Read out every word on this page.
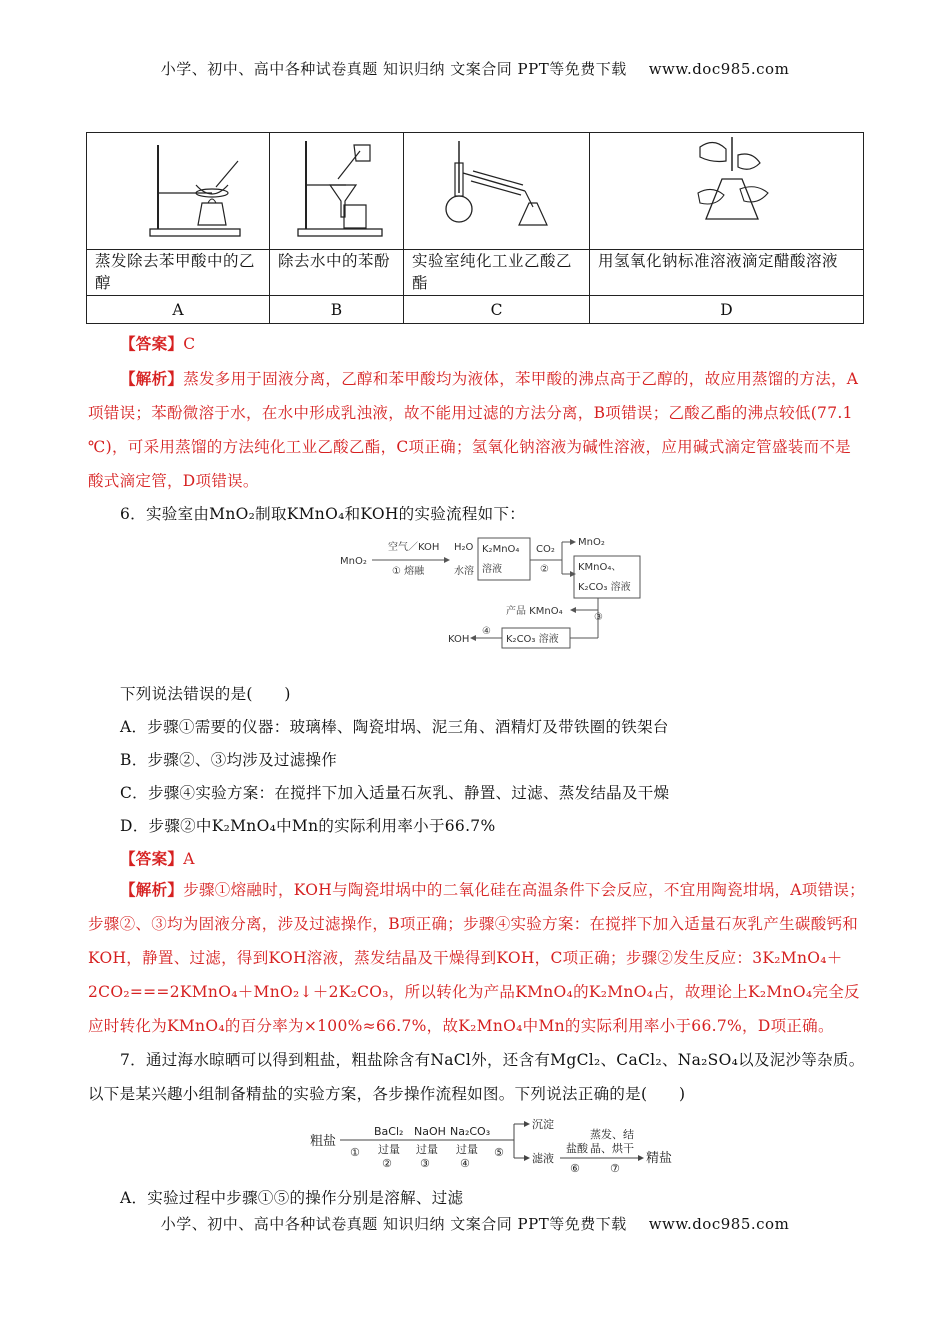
小学、初中、高中各种试卷真题 知识归纳 文案合同 PPT等免费下载 www.doc985.com

蒸发除去苯甲酸中的乙醇	除去水中的苯酚	实验室纯化工业乙酸乙酯	用氢氧化钠标准溶液滴定醋酸溶液
A	B	C	D
【答案】C
【解析】蒸发多用于固液分离，乙醇和苯甲酸均为液体，苯甲酸的沸点高于乙醇的，故应用蒸馏的方法，A项错误；苯酚微溶于水，在水中形成乳浊液，故不能用过滤的方法分离，B项错误；乙酸乙酯的沸点较低(77.1 ℃)，可采用蒸馏的方法纯化工业乙酸乙酯，C项正确；氢氧化钠溶液为碱性溶液，应用碱式滴定管盛装而不是酸式滴定管，D项错误。
6．实验室由MnO₂制取KMnO₄和KOH的实验流程如下：
MnO₂
空气／KOH
① 熔融
H₂O
水溶
K₂MnO₄
溶液
CO₂
②
MnO₂
KMnO₄、
K₂CO₃ 溶液
③
产品 KMnO₄
K₂CO₃ 溶液
④
KOH
下列说法错误的是(　　)
A．步骤①需要的仪器：玻璃棒、陶瓷坩埚、泥三角、酒精灯及带铁圈的铁架台
B．步骤②、③均涉及过滤操作
C．步骤④实验方案：在搅拌下加入适量石灰乳、静置、过滤、蒸发结晶及干燥
D．步骤②中K₂MnO₄中Mn的实际利用率小于66.7%
【答案】A
【解析】步骤①熔融时，KOH与陶瓷坩埚中的二氧化硅在高温条件下会反应，不宜用陶瓷坩埚，A项错误；步骤②、③均为固液分离，涉及过滤操作，B项正确；步骤④实验方案：在搅拌下加入适量石灰乳产生碳酸钙和KOH，静置、过滤，得到KOH溶液，蒸发结晶及干燥得到KOH，C项正确；步骤②发生反应：3K₂MnO₄＋2CO₂===2KMnO₄＋MnO₂↓＋2K₂CO₃，所以转化为产品KMnO₄的K₂MnO₄占，故理论上K₂MnO₄完全反应时转化为KMnO₄的百分率为×100%≈66.7%，故K₂MnO₄中Mn的实际利用率小于66.7%，D项正确。
7．通过海水晾晒可以得到粗盐，粗盐除含有NaCl外，还含有MgCl₂、CaCl₂、Na₂SO₄以及泥沙等杂质。以下是某兴趣小组制备精盐的实验方案，各步操作流程如图。下列说法正确的是(　　)
粗盐
①
BaCl₂
过量
②
NaOH
过量
③
Na₂CO₃
过量
④
⑤
沉淀
滤液
盐酸
⑥
蒸发、结
晶、烘干
⑦
精盐
A．实验过程中步骤①⑤的操作分别是溶解、过滤
小学、初中、高中各种试卷真题 知识归纳 文案合同 PPT等免费下载 www.doc985.com
